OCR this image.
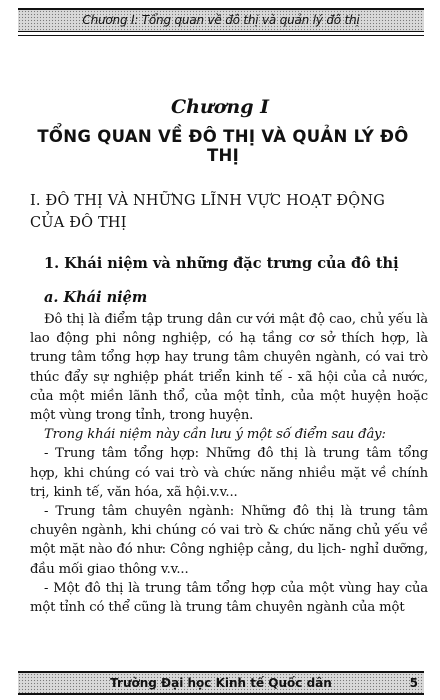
Chương I: Tổng quan về đô thị và quản lý đô thị
Chương I
TỔNG QUAN VỀ ĐÔ THỊ VÀ QUẢN LÝ ĐÔ THỊ
I. ĐÔ THỊ VÀ NHỮNG LĨNH VỰC HOẠT ĐỘNG CỦA ĐÔ THỊ
1. Khái niệm và những đặc trưng của đô thị
a. Khái niệm

Đô thị là điểm tập trung dân cư với mật độ cao, chủ yếu là lao động phi nông nghiệp, có hạ tầng cơ sở thích hợp, là trung tâm tổng hợp hay trung tâm chuyên ngành, có vai trò thúc đẩy sự nghiệp phát triển kinh tế - xã hội của cả nước, của một miền lãnh thổ, của một tỉnh, của một huyện hoặc một vùng trong tỉnh, trong huyện.

Trong khái niệm này cần lưu ý một số điểm sau đây:

- Trung tâm tổng hợp: Những đô thị là trung tâm tổng hợp, khi chúng có vai trò và chức năng nhiều mặt về chính trị, kinh tế, văn hóa, xã hội.v.v...

- Trung tâm chuyên ngành: Những đô thị là trung tâm chuyên ngành, khi chúng có vai trò & chức năng chủ yếu về một mặt nào đó như: Công nghiệp cảng, du lịch- nghỉ dưỡng, đầu mối giao thông v.v...

- Một đô thị là trung tâm tổng hợp của một vùng hay của một tỉnh có thể cũng là trung tâm chuyên ngành của một

Trường Đại học Kinh tế Quốc dân	5
